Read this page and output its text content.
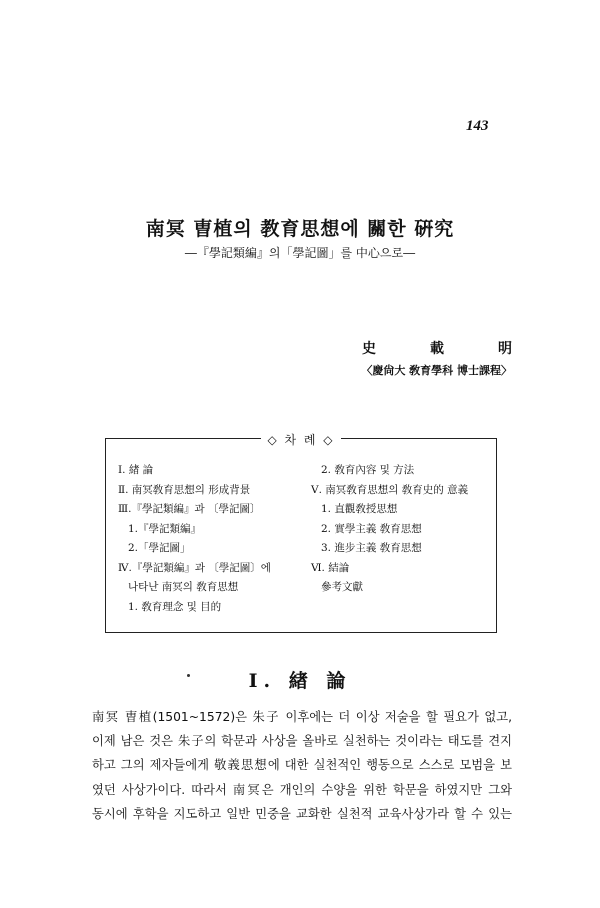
143
南冥 曺植의 教育思想에 關한 硏究
―『學記類編』의「學記圖」를 中心으로―
史	載	明
〈慶尙大 敎育學科 博士課程〉
◇ 차 례 ◇
Ⅰ. 緖 論
Ⅱ. 南冥敎育思想의 形成背景
Ⅲ.『學記類編』과 〔學記圖〕
1.『學記類編』
2.「學記圖」
Ⅳ.『學記類編』과 〔學記圖〕에
나타난 南冥의 敎育思想
1. 敎育理念 및 目的
2. 敎育內容 및 方法
Ⅴ. 南冥敎育思想의 敎育史的 意義
1. 直觀敎授思想
2. 實學主義 敎育思想
3. 進步主義 敎育思想
Ⅵ. 結論
參考文獻
Ⅰ. 緖 論
南冥 曺植(1501~1572)은 朱子 이후에는 더 이상 저술을 할 필요가 없고,
이제 남은 것은 朱子의 학문과 사상을 올바로 실천하는 것이라는 태도를 견지
하고 그의 제자들에게 敬義思想에 대한 실천적인 행동으로 스스로 모범을 보
였던 사상가이다. 따라서 南冥은 개인의 수양을 위한 학문을 하였지만 그와
동시에 후학을 지도하고 일반 민중을 교화한 실천적 교육사상가라 할 수 있는
